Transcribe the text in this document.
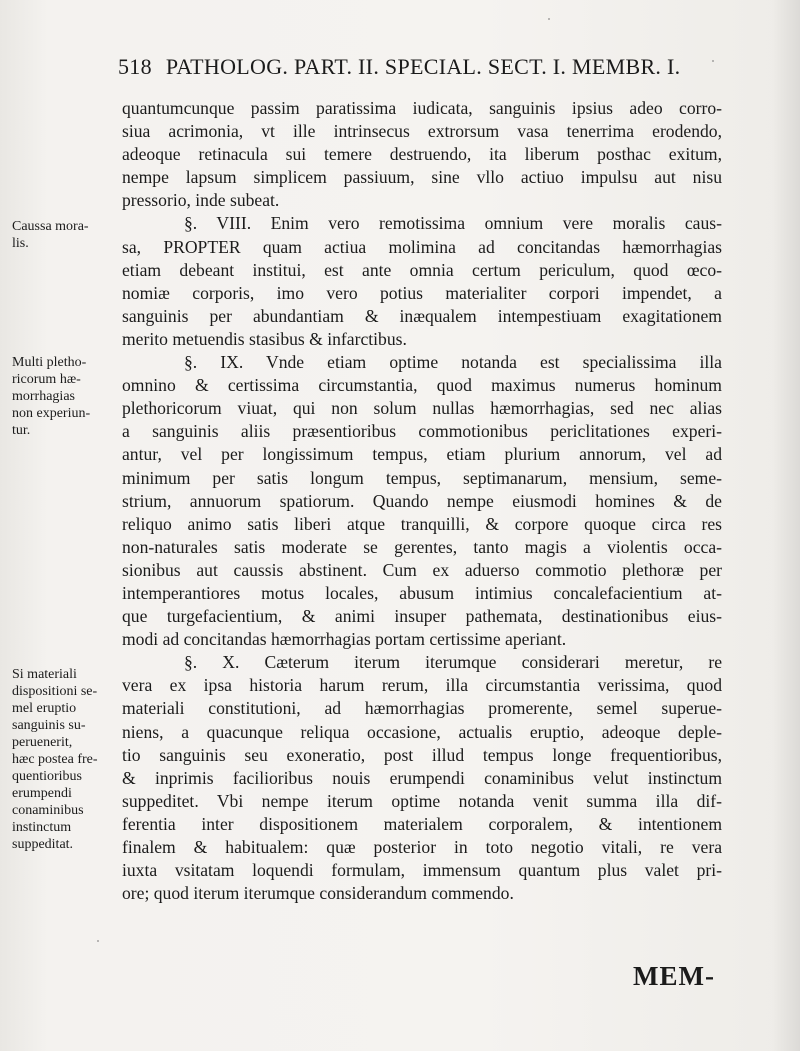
518 PATHOLOG. PART. II. SPECIAL. SECT. I. MEMBR. I.
Caussa mora-
lis.
Multi pletho-
ricorum hæ-
morrhagias
non experiun-
tur.
Si materiali
dispositioni se-
mel eruptio
sanguinis su-
peruenerit,
hæc postea fre-
quentioribus
erumpendi
conaminibus
instinctum
suppeditat.
quantumcunque passim paratissima iudicata, sanguinis ipsius adeo corro-
siua acrimonia, vt ille intrinsecus extrorsum vasa tenerrima erodendo,
adeoque retinacula sui temere destruendo, ita liberum posthac exitum,
nempe lapsum simplicem passiuum, sine vllo actiuo impulsu aut nisu
pressorio, inde subeat.
§. VIII. Enim vero remotissima omnium vere moralis caus-
sa, PROPTER quam actiua molimina ad concitandas hæmorrhagias
etiam debeant institui, est ante omnia certum periculum, quod œco-
nomiæ corporis, imo vero potius materialiter corpori impendet, a
sanguinis per abundantiam & inæqualem intempestiuam exagitationem
merito metuendis stasibus & infarctibus.
§. IX. Vnde etiam optime notanda est specialissima illa
omnino & certissima circumstantia, quod maximus numerus hominum
plethoricorum viuat, qui non solum nullas hæmorrhagias, sed nec alias
a sanguinis aliis præsentioribus commotionibus periclitationes experi-
antur, vel per longissimum tempus, etiam plurium annorum, vel ad
minimum per satis longum tempus, septimanarum, mensium, seme-
strium, annuorum spatiorum. Quando nempe eiusmodi homines & de
reliquo animo satis liberi atque tranquilli, & corpore quoque circa res
non-naturales satis moderate se gerentes, tanto magis a violentis occa-
sionibus aut caussis abstinent. Cum ex aduerso commotio plethoræ per
intemperantiores motus locales, abusum intimius concalefacientium at-
que turgefacientium, & animi insuper pathemata, destinationibus eius-
modi ad concitandas hæmorrhagias portam certissime aperiant.
§. X. Cæterum iterum iterumque considerari meretur, re
vera ex ipsa historia harum rerum, illa circumstantia verissima, quod
materiali constitutioni, ad hæmorrhagias promerente, semel superue-
niens, a quacunque reliqua occasione, actualis eruptio, adeoque deple-
tio sanguinis seu exoneratio, post illud tempus longe frequentioribus,
& inprimis facilioribus nouis erumpendi conaminibus velut instinctum
suppeditet. Vbi nempe iterum optime notanda venit summa illa dif-
ferentia inter dispositionem materialem corporalem, & intentionem
finalem & habitualem: quæ posterior in toto negotio vitali, re vera
iuxta vsitatam loquendi formulam, immensum quantum plus valet pri-
ore; quod iterum iterumque considerandum commendo.
MEM-
